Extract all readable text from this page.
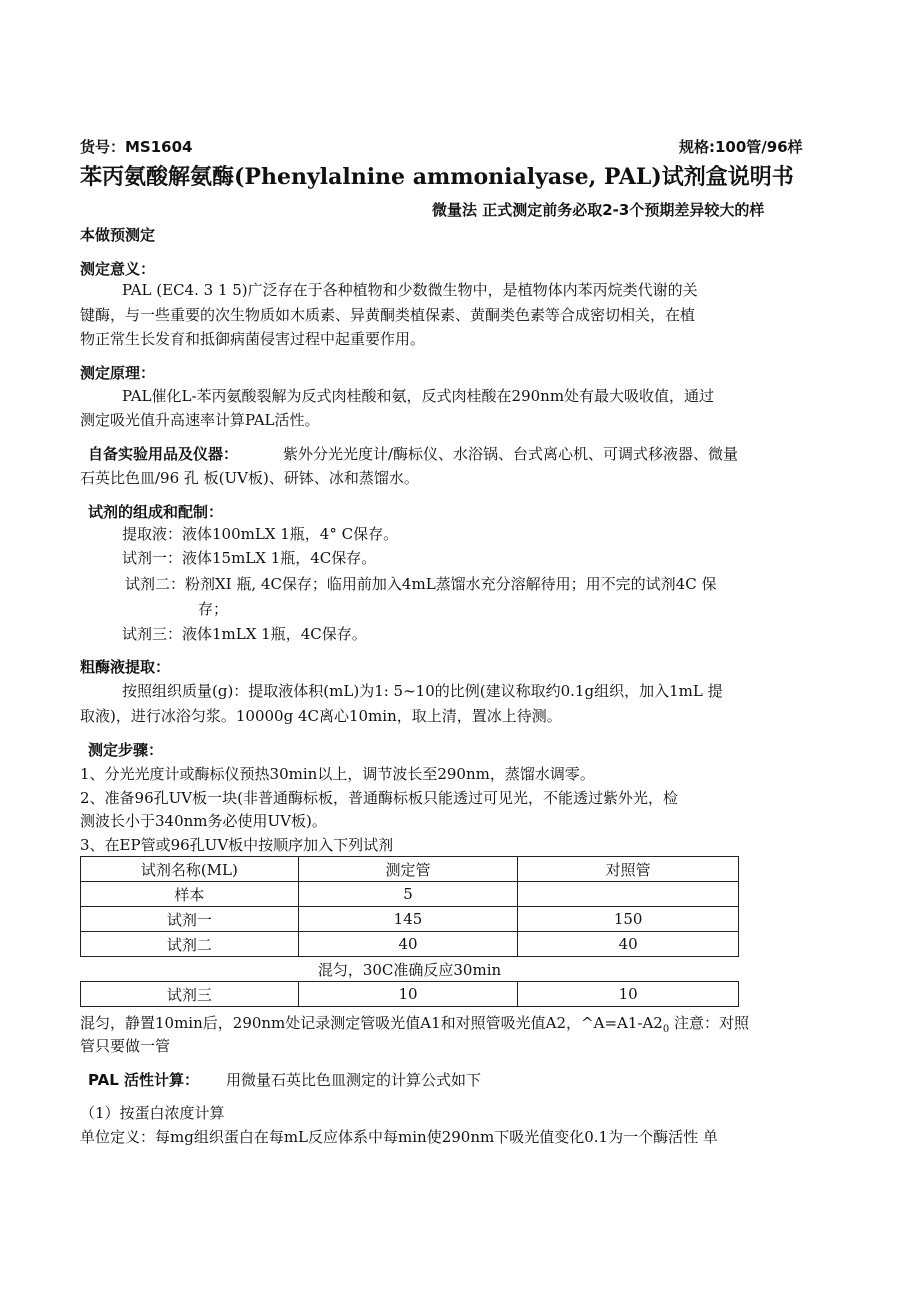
货号：MS1604	规格:100管/96样
苯丙氨酸解氨酶(Phenylalnine ammonialyase, PAL)试剂盒说明书
微量法 正式测定前务必取2-3个预期差异较大的样
本做预测定
测定意义：
PAL (EC4. 3 1 5)广泛存在于各种植物和少数微生物中，是植物体内苯丙烷类代谢的关
键酶，与一些重要的次生物质如木质素、异黄酮类植保素、黄酮类色素等合成密切相关，在植
物正常生长发育和抵御病菌侵害过程中起重要作用。
测定原理：
PAL催化L-苯丙氨酸裂解为反式肉桂酸和氨，反式肉桂酸在290nm处有最大吸收值，通过
测定吸光值升高速率计算PAL活性。
自备实验用品及仪器：	紫外分光光度计/酶标仪、水浴锅、台式离心机、可调式移液器、微量
石英比色皿/96 孔 板(UV板)、研钵、冰和蒸馏水。
试剂的组成和配制：
提取液：液体100mLX 1瓶，4° C保存。
试剂一：液体15mLX 1瓶，4C保存。
试剂二：粉剂XI 瓶, 4C保存；临用前加入4mL蒸馏水充分溶解待用；用不完的试剂4C 保
存；
试剂三：液体1mLX 1瓶，4C保存。
粗酶液提取：
按照组织质量(g)：提取液体积(mL)为1: 5~10的比例(建议称取约0.1g组织，加入1mL 提
取液)，进行冰浴匀浆。10000g 4C离心10min，取上清，置冰上待测。
测定步骤：
1、分光光度计或酶标仪预热30min以上，调节波长至290nm，蒸馏水调零。
2、准备96孔UV板一块(非普通酶标板，普通酶标板只能透过可见光，不能透过紫外光，检
测波长小于340nm务必使用UV板)。
3、在EP管或96孔UV板中按顺序加入下列试剂
试剂名称(ML)	测定管	对照管
样本	5	
试剂一	145	150
试剂二	40	40
混匀，30C准确反应30min		
试剂三	10	10
混匀，静置10min后，290nm处记录测定管吸光值A1和对照管吸光值A2，$\^{}A=A1-A2_0$ 注意：对照
管只要做一管
PAL 活性计算： 用微量石英比色皿测定的计算公式如下
（1）按蛋白浓度计算
单位定义：每mg组织蛋白在每mL反应体系中每min使290nm下吸光值变化0.1为一个酶活性 单
